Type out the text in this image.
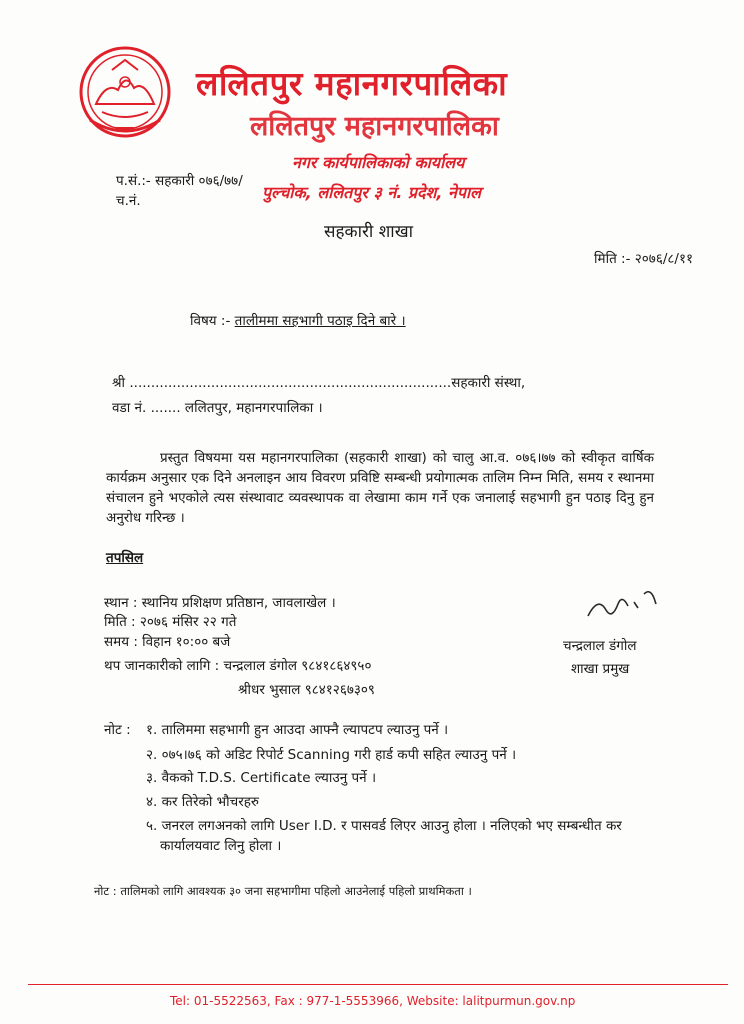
ललितपुर महानगरपालिका
ललितपुर महानगरपालिका
नगर कार्यपालिकाको कार्यालय
पुल्चोक, ललितपुर ३ नं. प्रदेश, नेपाल
प.सं.:- सहकारी ०७६/७७/
च.नं.
सहकारी शाखा
मिति :- २०७६/८/११
विषय :- तालीममा सहभागी पठाइ दिने बारे ।
श्री ...........................................................................सहकारी संस्था,
वडा नं. ....... ललितपुर, महानगरपालिका ।
प्रस्तुत विषयमा यस महानगरपालिका (सहकारी शाखा) को चालु आ.व. ०७६।७७ को स्वीकृत वार्षिक कार्यक्रम अनुसार एक दिने अनलाइन आय विवरण प्रविष्टि सम्बन्धी प्रयोगात्मक तालिम निम्न मिति, समय र स्थानमा संचालन हुने भएकोले त्यस संस्थावाट व्यवस्थापक वा लेखामा काम गर्ने एक जनालाई सहभागी हुन पठाइ दिनु हुन अनुरोध गरिन्छ ।
तपसिल
स्थान : स्थानिय प्रशिक्षण प्रतिष्ठान, जावलाखेल ।
मिति : २०७६ मंसिर २२ गते
समय : विहान १०:०० बजे
थप जानकारीको लागि : चन्द्रलाल डंगोल ९८४१८६४९५०
श्रीधर भुसाल ९८४१२६७३०९
चन्द्रलाल डंगोल
शाखा प्रमुख
नोट : १. तालिममा सहभागी हुन आउदा आफ्नै ल्यापटप ल्याउनु पर्ने ।
२. ०७५।७६ को अडिट रिपोर्ट Scanning गरी हार्ड कपी सहित ल्याउनु पर्ने ।
३. वैकको T.D.S. Certificate ल्याउनु पर्ने ।
४. कर तिरेको भौचरहरु
५. जनरल लगअनको लागि User I.D. र पासवर्ड लिएर आउनु होला । नलिएको भए सम्बन्धीत कर
कार्यालयवाट लिनु होला ।
नोट : तालिमको लागि आवश्यक ३० जना सहभागीमा पहिलो आउनेलाई पहिलो प्राथमिकता ।
Tel: 01-5522563, Fax : 977-1-5553966, Website: lalitpurmun.gov.np
